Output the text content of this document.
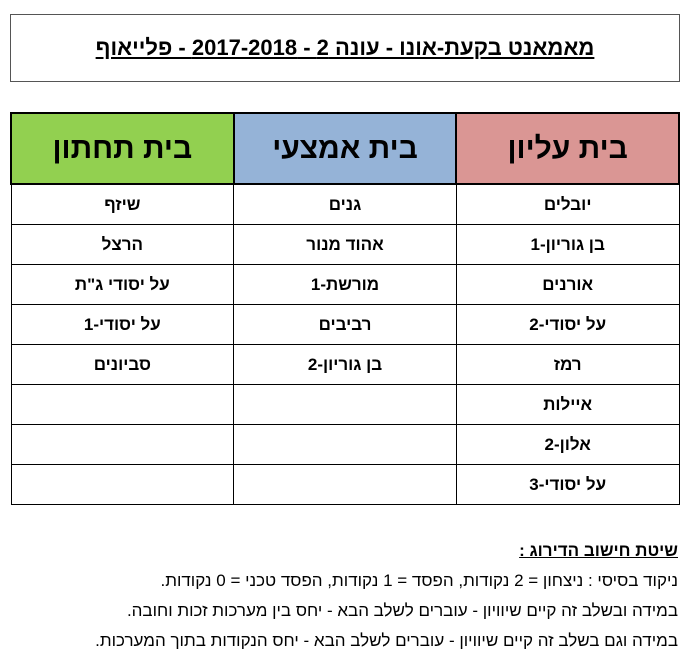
מאמאנט בקעת-אונו - עונה 2 - 2017-2018 - פלייאוף
בית עליון	בית אמצעי	בית תחתון
יובלים	גנים	שיזף
בן גוריון-1	אהוד מנור	הרצל
אורנים	מורשת-1	על יסודי ג"ת
על יסודי-2	רביבים	על יסודי-1
רמז	בן גוריון-2	סביונים
איילות		
אלון-2		
על יסודי-3		
שיטת חישוב הדירוג :
ניקוד בסיסי : ניצחון = 2 נקודות, הפסד = 1 נקודות, הפסד טכני = 0 נקודות.
במידה ובשלב זה קיים שיוויון - עוברים לשלב הבא - יחס בין מערכות זכות וחובה.
במידה וגם בשלב זה קיים שיוויון - עוברים לשלב הבא - יחס הנקודות בתוך המערכות.
